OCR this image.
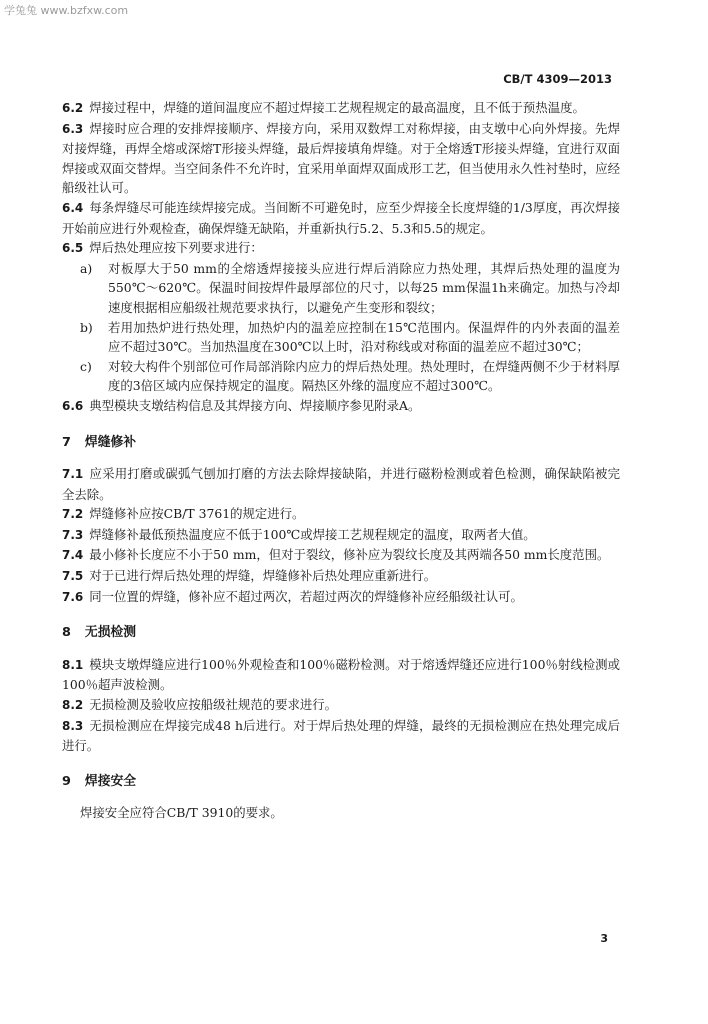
学兔兔 www.bzfxw.com
CB/T 4309—2013

6.2 焊接过程中，焊缝的道间温度应不超过焊接工艺规程规定的最高温度，且不低于预热温度。

6.3 焊接时应合理的安排焊接顺序、焊接方向，采用双数焊工对称焊接，由支墩中心向外焊接。先焊对接焊缝，再焊全熔或深熔T形接头焊缝，最后焊接填角焊缝。对于全熔透T形接头焊缝，宜进行双面焊接或双面交替焊。当空间条件不允许时，宜采用单面焊双面成形工艺，但当使用永久性衬垫时，应经船级社认可。

6.4 每条焊缝尽可能连续焊接完成。当间断不可避免时，应至少焊接全长度焊缝的1/3厚度，再次焊接开始前应进行外观检查，确保焊缝无缺陷，并重新执行5.2、5.3和5.5的规定。

6.5 焊后热处理应按下列要求进行：

a)	对板厚大于50 mm的全熔透焊接接头应进行焊后消除应力热处理，其焊后热处理的温度为550℃～620℃。保温时间按焊件最厚部位的尺寸，以每25 mm保温1h来确定。加热与冷却速度根据相应船级社规范要求执行，以避免产生变形和裂纹；
b)	若用加热炉进行热处理，加热炉内的温差应控制在15℃范围内。保温焊件的内外表面的温差应不超过30℃。当加热温度在300℃以上时，沿对称线或对称面的温差应不超过30℃；
c)	对较大构件个别部位可作局部消除内应力的焊后热处理。热处理时，在焊缝两侧不少于材料厚度的3倍区域内应保持规定的温度。隔热区外缘的温度应不超过300℃。

6.6 典型模块支墩结构信息及其焊接方向、焊接顺序参见附录A。

7 焊缝修补

7.1 应采用打磨或碳弧气刨加打磨的方法去除焊接缺陷，并进行磁粉检测或着色检测，确保缺陷被完全去除。

7.2 焊缝修补应按CB/T 3761的规定进行。

7.3 焊缝修补最低预热温度应不低于100℃或焊接工艺规程规定的温度，取两者大值。

7.4 最小修补长度应不小于50 mm，但对于裂纹，修补应为裂纹长度及其两端各50 mm长度范围。

7.5 对于已进行焊后热处理的焊缝，焊缝修补后热处理应重新进行。

7.6 同一位置的焊缝，修补应不超过两次，若超过两次的焊缝修补应经船级社认可。

8 无损检测

8.1 模块支墩焊缝应进行100％外观检查和100％磁粉检测。对于熔透焊缝还应进行100％射线检测或100％超声波检测。

8.2 无损检测及验收应按船级社规范的要求进行。

8.3 无损检测应在焊接完成48 h后进行。对于焊后热处理的焊缝，最终的无损检测应在热处理完成后进行。

9 焊接安全

焊接安全应符合CB/T 3910的要求。

3
